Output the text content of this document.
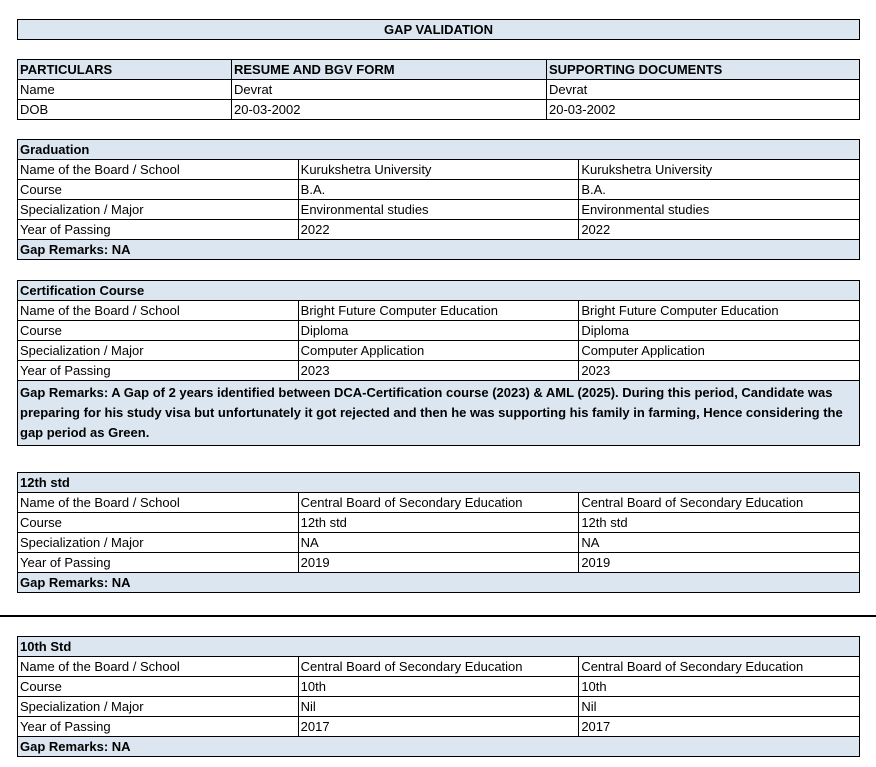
GAP VALIDATION
PARTICULARS	RESUME AND BGV FORM	SUPPORTING DOCUMENTS
Name	Devrat	Devrat
DOB	20-03-2002	20-03-2002
Graduation		
Name of the Board / School	Kurukshetra University	Kurukshetra University
Course	B.A.	B.A.
Specialization / Major	Environmental studies	Environmental studies
Year of Passing	2022	2022
Gap Remarks: NA		
Certification Course		
Name of the Board / School	Bright Future Computer Education	Bright Future Computer Education
Course	Diploma	Diploma
Specialization / Major	Computer Application	Computer Application
Year of Passing	2023	2023
Gap Remarks: A Gap of 2 years identified between DCA-Certification course (2023) & AML (2025). During this period, Candidate was preparing for his study visa but unfortunately it got rejected and then he was supporting his family in farming, Hence considering the gap period as Green.		
12th std		
Name of the Board / School	Central Board of Secondary Education	Central Board of Secondary Education
Course	12th std	12th std
Specialization / Major	NA	NA
Year of Passing	2019	2019
Gap Remarks: NA		
10th Std		
Name of the Board / School	Central Board of Secondary Education	Central Board of Secondary Education
Course	10th	10th
Specialization / Major	Nil	Nil
Year of Passing	2017	2017
Gap Remarks: NA		
